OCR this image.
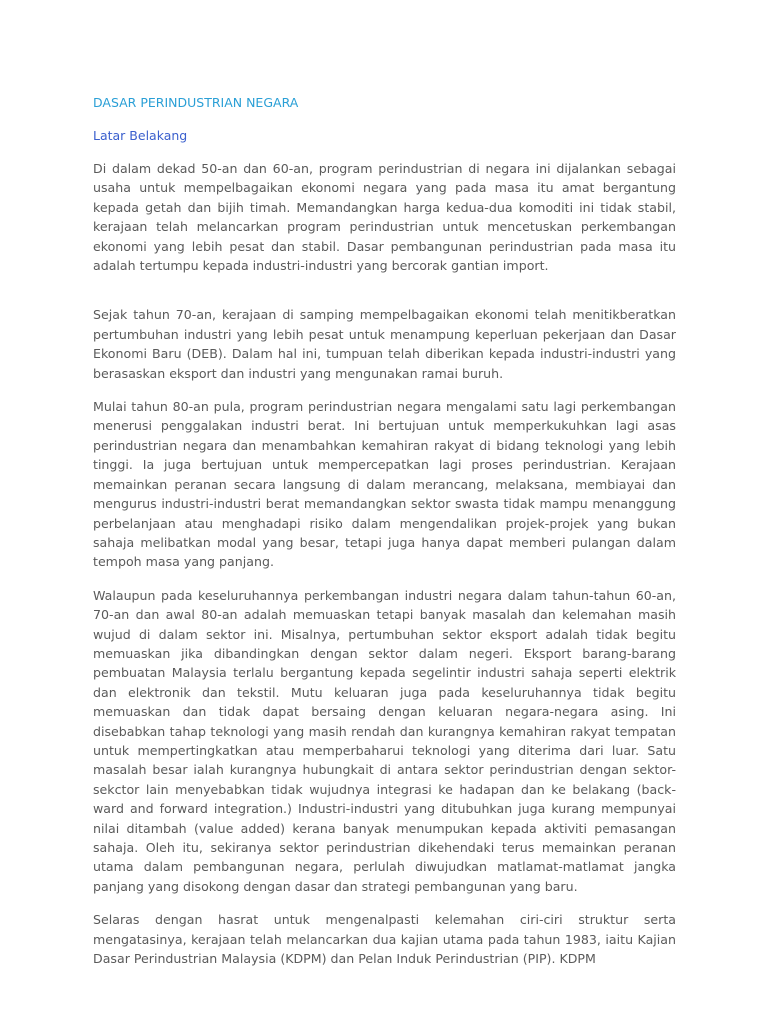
DASAR PERINDUSTRIAN NEGARA
Latar Belakang

Di dalam dekad 50-an dan 60-an, program perindustrian di negara ini dijalankan sebagai usaha untuk mempelbagaikan ekonomi negara yang pada masa itu amat bergantung kepada getah dan bijih timah. Memandangkan harga kedua-dua komoditi ini tidak stabil, kerajaan telah melancarkan program perindustrian untuk mencetuskan perkembangan ekonomi yang lebih pesat dan stabil. Dasar pembangunan perindustrian pada masa itu adalah tertumpu kepada industri-industri yang bercorak gantian import.

Sejak tahun 70-an, kerajaan di samping mempelbagaikan ekonomi telah menitikberatkan pertumbuhan industri yang lebih pesat untuk menampung keperluan pekerjaan dan Dasar Ekonomi Baru (DEB). Dalam hal ini, tumpuan telah diberikan kepada industri-industri yang berasaskan eksport dan industri yang mengunakan ramai buruh.

Mulai tahun 80-an pula, program perindustrian negara mengalami satu lagi perkembangan menerusi penggalakan industri berat. Ini bertujuan untuk memperkukuhkan lagi asas perindustrian negara dan menambahkan kemahiran rakyat di bidang teknologi yang lebih tinggi. Ia juga bertujuan untuk mempercepatkan lagi proses perindustrian. Kerajaan memainkan peranan secara langsung di dalam merancang, melaksana, membiayai dan mengurus industri-industri berat memandangkan sektor swasta tidak mampu menanggung perbelanjaan atau menghadapi risiko dalam mengendalikan projek-projek yang bukan sahaja melibatkan modal yang besar, tetapi juga hanya dapat memberi pulangan dalam tempoh masa yang panjang.

Walaupun pada keseluruhannya perkembangan industri negara dalam tahun-tahun 60-an, 70-an dan awal 80-an adalah memuaskan tetapi banyak masalah dan kelemahan masih wujud di dalam sektor ini. Misalnya, pertumbuhan sektor eksport adalah tidak begitu memuaskan jika dibandingkan dengan sektor dalam negeri. Eksport barang-barang pembuatan Malaysia terlalu bergantung kepada segelintir industri sahaja seperti elektrik dan elektronik dan tekstil. Mutu keluaran juga pada keseluruhannya tidak begitu memuaskan dan tidak dapat bersaing dengan keluaran negara-negara asing. Ini disebabkan tahap teknologi yang masih rendah dan kurangnya kemahiran rakyat tempatan untuk mempertingkatkan atau memperbaharui teknologi yang diterima dari luar. Satu masalah besar ialah kurangnya hubungkait di antara sektor perindustrian dengan sektor-sekctor lain menyebabkan tidak wujudnya integrasi ke hadapan dan ke belakang (back-ward and forward integration.) Industri-industri yang ditubuhkan juga kurang mempunyai nilai ditambah (value added) kerana banyak menumpukan kepada aktiviti pemasangan sahaja. Oleh itu, sekiranya sektor perindustrian dikehendaki terus memainkan peranan utama dalam pembangunan negara, perlulah diwujudkan matlamat-matlamat jangka panjang yang disokong dengan dasar dan strategi pembangunan yang baru.

Selaras dengan hasrat untuk mengenalpasti kelemahan ciri-ciri struktur serta mengatasinya, kerajaan telah melancarkan dua kajian utama pada tahun 1983, iaitu Kajian Dasar Perindustrian Malaysia (KDPM) dan Pelan Induk Perindustrian (PIP). KDPM
